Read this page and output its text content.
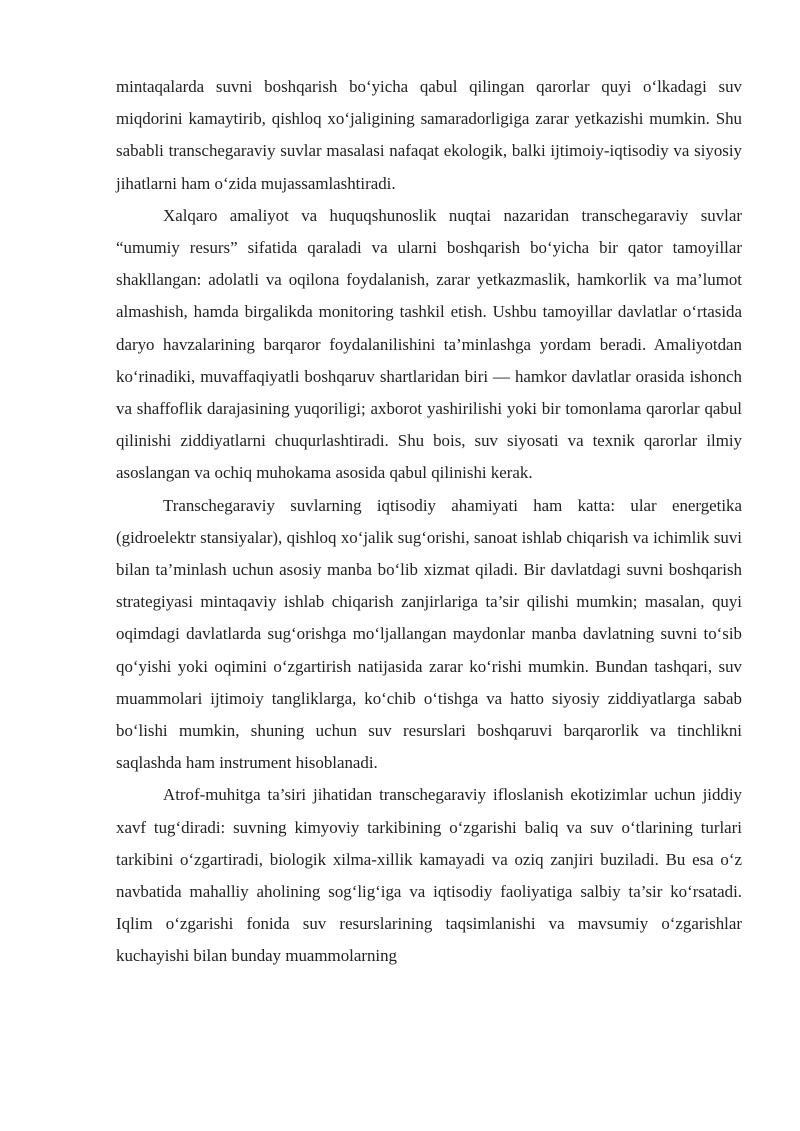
mintaqalarda suvni boshqarish bo‘yicha qabul qilingan qarorlar quyi o‘lkadagi suv miqdorini kamaytirib, qishloq xo‘jaligining samaradorligiga zarar yetkazishi mumkin. Shu sababli transchegaraviy suvlar masalasi nafaqat ekologik, balki ijtimoiy-iqtisodiy va siyosiy jihatlarni ham o‘zida mujassamlashtiradi.

Xalqaro amaliyot va huquqshunoslik nuqtai nazaridan transchegaraviy suvlar “umumiy resurs” sifatida qaraladi va ularni boshqarish bo‘yicha bir qator tamoyillar shakllangan: adolatli va oqilona foydalanish, zarar yetkazmaslik, hamkorlik va ma’lumot almashish, hamda birgalikda monitoring tashkil etish. Ushbu tamoyillar davlatlar o‘rtasida daryo havzalarining barqaror foydalanilishini ta’minlashga yordam beradi. Amaliyotdan ko‘rinadiki, muvaffaqiyatli boshqaruv shartlaridan biri — hamkor davlatlar orasida ishonch va shaffoflik darajasining yuqoriligi; axborot yashirilishi yoki bir tomonlama qarorlar qabul qilinishi ziddiyatlarni chuqurlashtiradi. Shu bois, suv siyosati va texnik qarorlar ilmiy asoslangan va ochiq muhokama asosida qabul qilinishi kerak.

Transchegaraviy suvlarning iqtisodiy ahamiyati ham katta: ular energetika (gidroelektr stansiyalar), qishloq xo‘jalik sug‘orishi, sanoat ishlab chiqarish va ichimlik suvi bilan ta’minlash uchun asosiy manba bo‘lib xizmat qiladi. Bir davlatdagi suvni boshqarish strategiyasi mintaqaviy ishlab chiqarish zanjirlariga ta’sir qilishi mumkin; masalan, quyi oqimdagi davlatlarda sug‘orishga mo‘ljallangan maydonlar manba davlatning suvni to‘sib qo‘yishi yoki oqimini o‘zgartirish natijasida zarar ko‘rishi mumkin. Bundan tashqari, suv muammolari ijtimoiy tangliklarga, ko‘chib o‘tishga va hatto siyosiy ziddiyatlarga sabab bo‘lishi mumkin, shuning uchun suv resurslari boshqaruvi barqarorlik va tinchlikni saqlashda ham instrument hisoblanadi.

Atrof-muhitga ta’siri jihatidan transchegaraviy ifloslanish ekotizimlar uchun jiddiy xavf tug‘diradi: suvning kimyoviy tarkibining o‘zgarishi baliq va suv o‘tlarining turlari tarkibini o‘zgartiradi, biologik xilma-xillik kamayadi va oziq zanjiri buziladi. Bu esa o‘z navbatida mahalliy aholining sog‘lig‘iga va iqtisodiy faoliyatiga salbiy ta’sir ko‘rsatadi. Iqlim o‘zgarishi fonida suv resurslarining taqsimlanishi va mavsumiy o‘zgarishlar kuchayishi bilan bunday muammolarning
